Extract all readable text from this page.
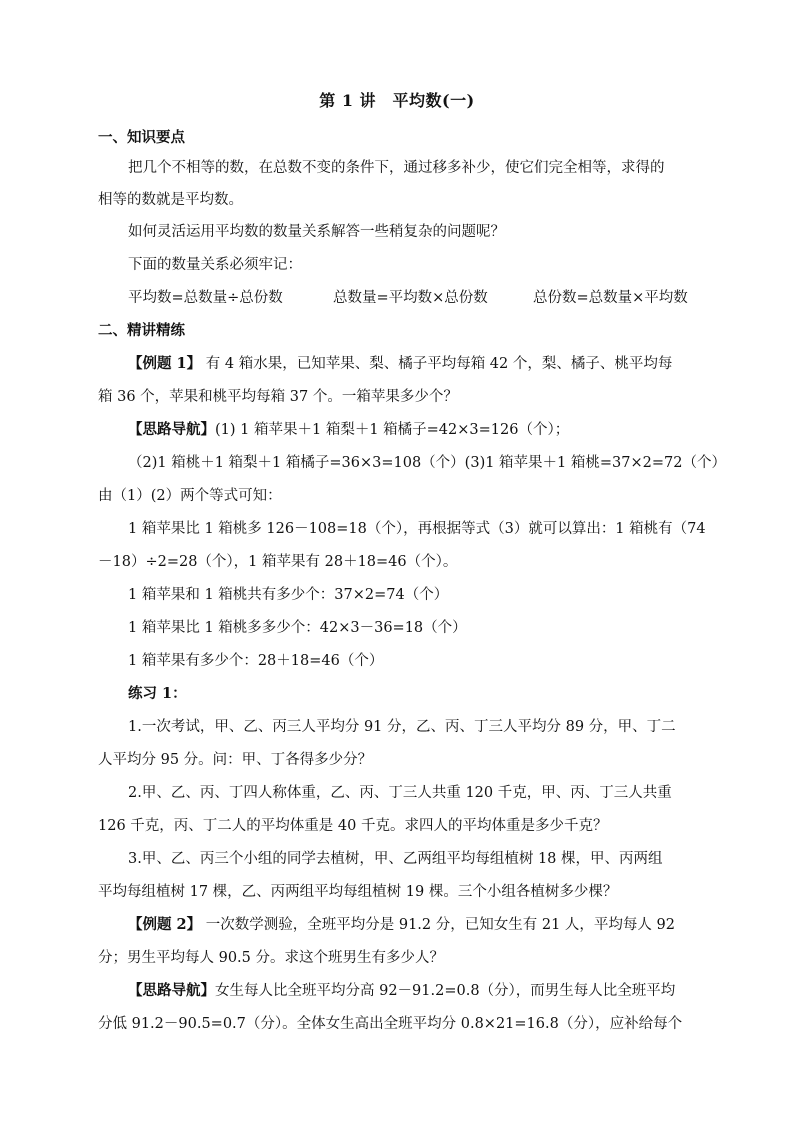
第 1 讲　平均数(一)
一、知识要点
把几个不相等的数，在总数不变的条件下，通过移多补少，使它们完全相等，求得的
相等的数就是平均数。
如何灵活运用平均数的数量关系解答一些稍复杂的问题呢？
下面的数量关系必须牢记：
平均数=总数量÷总份数	总数量=平均数×总份数	总份数=总数量×平均数
二、精讲精练
【例题 1】 有 4 箱水果，已知苹果、梨、橘子平均每箱 42 个，梨、橘子、桃平均每
箱 36 个，苹果和桃平均每箱 37 个。一箱苹果多少个？
【思路导航】(1) 1 箱苹果＋1 箱梨＋1 箱橘子=42×3=126（个）；
（2)1 箱桃＋1 箱梨＋1 箱橘子=36×3=108（个）(3)1 箱苹果＋1 箱桃=37×2=72（个）
由（1）(2）两个等式可知：
1 箱苹果比 1 箱桃多 126－108=18（个），再根据等式（3）就可以算出：1 箱桃有（74
－18）÷2=28（个），1 箱苹果有 28＋18=46（个）。
1 箱苹果和 1 箱桃共有多少个：37×2=74（个）
1 箱苹果比 1 箱桃多多少个：42×3－36=18（个）
1 箱苹果有多少个：28＋18=46（个）
练习 1：
1.一次考试，甲、乙、丙三人平均分 91 分，乙、丙、丁三人平均分 89 分，甲、丁二
人平均分 95 分。问：甲、丁各得多少分？
2.甲、乙、丙、丁四人称体重，乙、丙、丁三人共重 120 千克，甲、丙、丁三人共重
126 千克，丙、丁二人的平均体重是 40 千克。求四人的平均体重是多少千克？
3.甲、乙、丙三个小组的同学去植树，甲、乙两组平均每组植树 18 棵，甲、丙两组
平均每组植树 17 棵，乙、丙两组平均每组植树 19 棵。三个小组各植树多少棵？
【例题 2】 一次数学测验，全班平均分是 91.2 分，已知女生有 21 人，平均每人 92
分；男生平均每人 90.5 分。求这个班男生有多少人？
【思路导航】女生每人比全班平均分高 92－91.2=0.8（分），而男生每人比全班平均
分低 91.2－90.5=0.7（分）。全体女生高出全班平均分 0.8×21=16.8（分），应补给每个
